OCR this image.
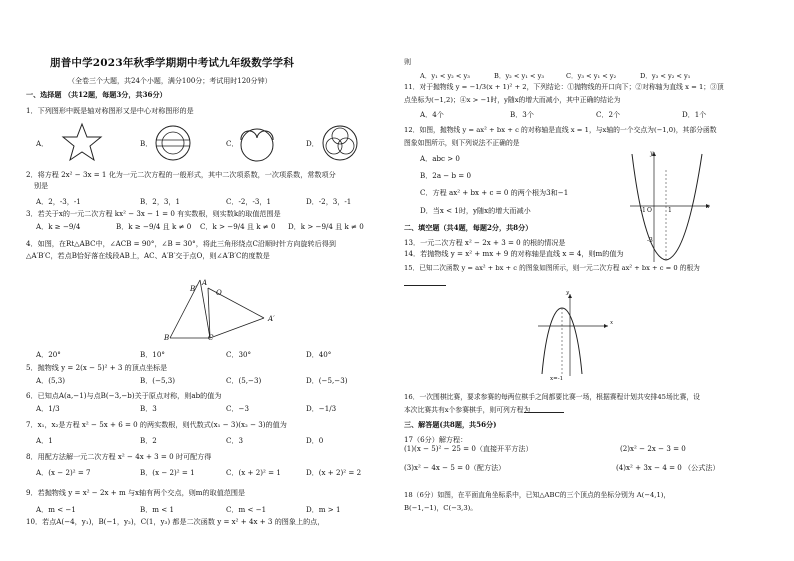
朋普中学2023年秋季学期期中考试九年级数学学科
（全卷三个大题，共24个小题，满分100分；考试用时120分钟）
一、选择题 （共12题，每题3分，共36分）
1．下列图形中既是轴对称图形又是中心对称图形的是
A．	B．	C．	D．
2．将方程 2x² − 3x = 1 化为一元二次方程的一般形式，其中二次项系数，一次项系数，常数项分
别是
A．2，-3，-1	B．2，3，1	C．-2，-3，1	D．-2，3，-1
3．若关于x的一元二次方程 kx² − 3x − 1 = 0 有实数根，则实数k的取值范围是
A．k ≥ −9/4	B．k ≥ −9/4 且 k ≠ 0 C．k > −9/4 且 k ≠ 0 D．k > −9/4 且 k ≠ 0
4．如图，在Rt△ABC中，∠ACB = 90°，∠B = 30°，将此三角形绕点C沿顺时针方向旋转后得到
△A′B′C，若点B恰好落在线段AB上，AC、A′B′交于点O，则∠A′B′C的度数是
B′
A
O
A′
B	C
A．20°	B．10°	C．30°	D．40°
5．抛物线 y = 2(x − 5)² + 3 的顶点坐标是
A．(5,3)	B．(−5,3)	C．(5,−3)	D．(−5,−3)
6．已知点A(a,−1)与点B(−3,−b)关于原点对称，则ab的值为
A．1/3	B．3	C．−3	D．−1/3
7．x₁，x₂是方程 x² − 5x + 6 = 0 的两实数根，则代数式(x₁ − 3)(x₂ − 3)的值为
A．1	B．2	C．3	D．0
8．用配方法解一元二次方程 x² − 4x + 3 = 0 时可配方得
A．(x − 2)² = 7	B．(x − 2)² = 1	C．(x + 2)² = 1	D．(x + 2)² = 2
9．若抛物线 y = x² − 2x + m 与x轴有两个交点，则m的取值范围是
A．m < −1	B．m < 1	C．m < −1	D．m > 1
10．若点A(−4，y₁)，B(−1，y₂)，C(1，y₃) 都是二次函数 y = x² + 4x + 3 的图象上的点，
则
A．y₁ < y₂ < y₃	B．y₂ < y₁ < y₃	C．y₃ < y₁ < y₂	D．y₃ < y₂ < y₁
11．对于抛物线 y = −1/3(x + 1)² + 2，下列结论：①抛物线的开口向下；②对称轴为直线 x = 1；③顶
点坐标为(−1,2)；④x > −1时，y随x的增大而减小，其中正确的结论为
A．4个	B．3个	C．2个	D．1个
12．如图，抛物线 y = ax² + bx + c 的对称轴是直线 x = 1，与x轴的一个交点为(−1,0)，其部分函数
图象如图所示，则下列说法不正确的是
A．abc > 0
B．2a − b = 0
C．方程 ax² + bx + c = 0 的两个根为3和−1
D．当x < 1时，y随x的增大而减小
y
-1 O	1
x
-3
二、填空题（共4题，每题2分，共8分）
13．一元二次方程 x² − 2x + 3 = 0 的根的情况是
14．若抛物线 y = x² + mx + 9 的对称轴是直线 x = 4，则m的值为
15．已知二次函数 y = ax² + bx + c 的图象如图所示，则一元二次方程 ax² + bx + c = 0 的根为
y
x
x=-1
16．一次围棋比赛，要求参赛的每两位棋手之间都要比赛一场，根据赛程计划共安排45场比赛，设
本次比赛共有x个参赛棋手，则可列方程为
三、解答题(共8题，共56分)
17（6分）解方程：
(1)(x − 5)² − 25 = 0（直接开平方法）	(2)x² − 2x − 3 = 0
(3)x² − 4x − 5 = 0（配方法）	(4)x² + 3x − 4 = 0 （公式法）
18（6分）如图，在平面直角坐标系中，已知△ABC的三个顶点的坐标分别为 A(−4,1)，
B(−1,−1)，C(−3,3)。
